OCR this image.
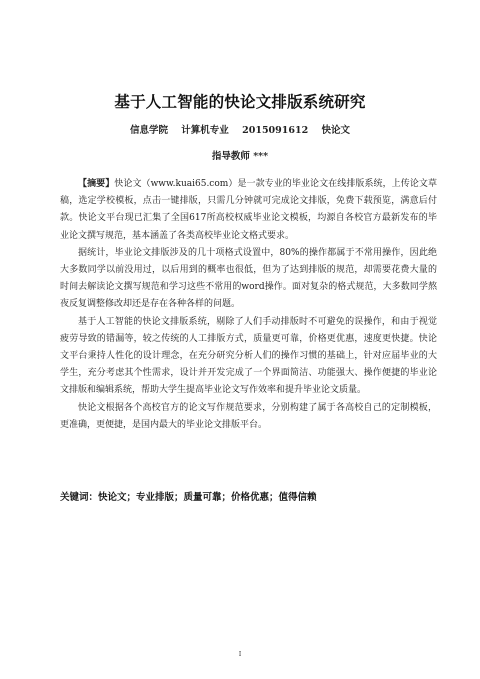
基于人工智能的快论文排版系统研究
信息学院 计算机专业 2015091612 快论文
指导教师 ***

【摘要】快论文（www.kuai65.com）是一款专业的毕业论文在线排版系统，上传论文草稿，选定学校模板，点击一键排版，只需几分钟就可完成论文排版，免费下载预览，满意后付款。快论文平台现已汇集了全国617所高校权威毕业论文模板，均源自各校官方最新发布的毕业论文撰写规范，基本涵盖了各类高校毕业论文格式要求。

据统计，毕业论文排版涉及的几十项格式设置中，80%的操作都属于不常用操作，因此绝大多数同学以前没用过，以后用到的概率也很低，但为了达到排版的规范，却需要花费大量的时间去解读论文撰写规范和学习这些不常用的word操作。面对复杂的格式规范，大多数同学熬夜反复调整修改却还是存在各种各样的问题。

基于人工智能的快论文排版系统，剔除了人们手动排版时不可避免的误操作，和由于视觉疲劳导致的错漏等，较之传统的人工排版方式，质量更可靠，价格更优惠，速度更快捷。快论文平台秉持人性化的设计理念，在充分研究分析人们的操作习惯的基础上，针对应届毕业的大学生，充分考虑其个性需求，设计并开发完成了一个界面简洁、功能强大、操作便捷的毕业论文排版和编辑系统，帮助大学生提高毕业论文写作效率和提升毕业论文质量。

快论文根据各个高校官方的论文写作规范要求，分别构建了属于各高校自己的定制模板，更准确，更便捷，是国内最大的毕业论文排版平台。

关键词：快论文；专业排版；质量可靠；价格优惠；值得信赖
I
